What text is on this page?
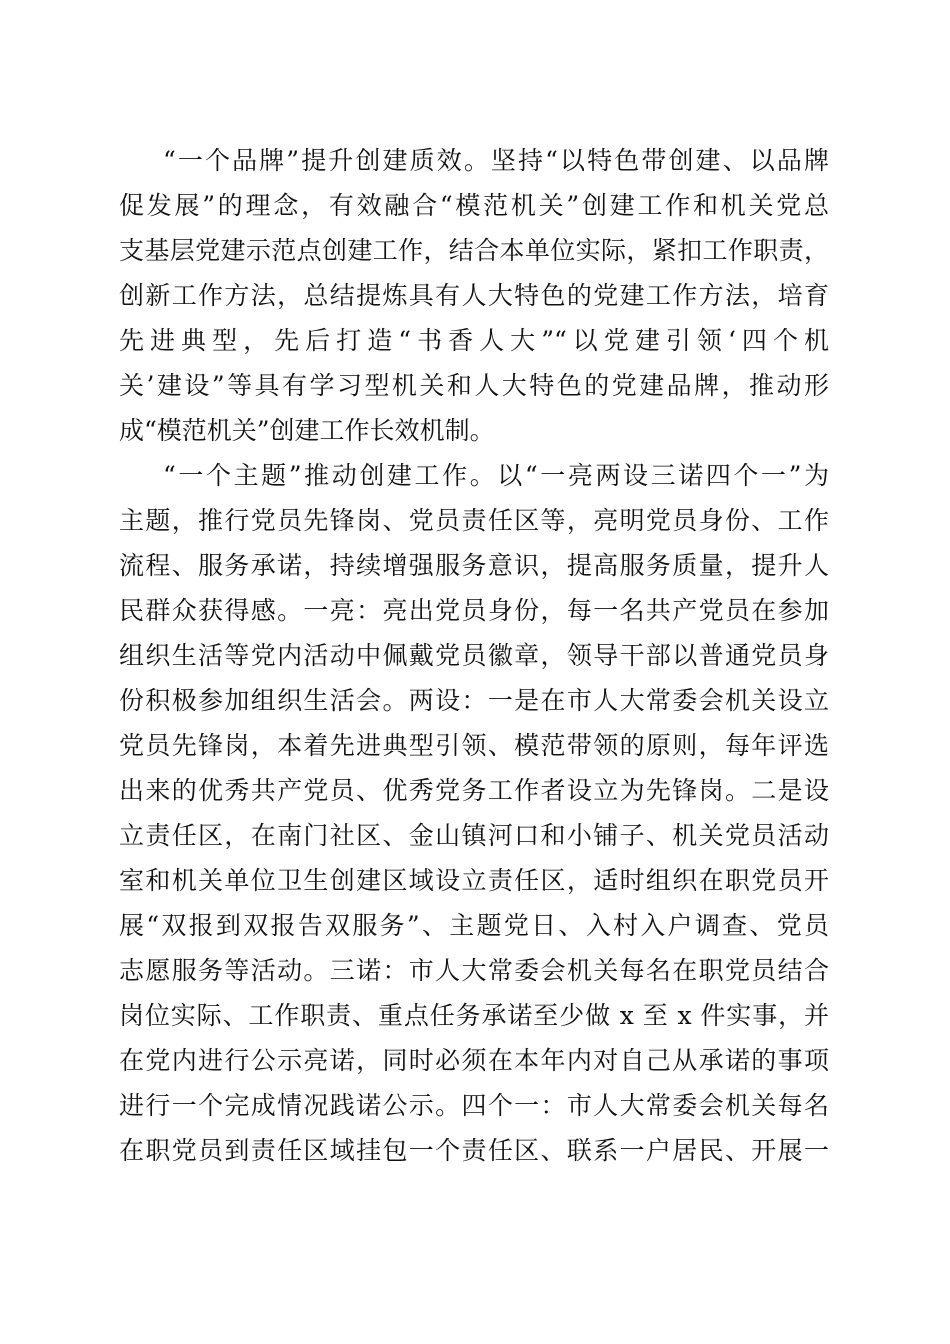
“一个品牌”提升创建质效。坚持“以特色带创建、以品牌
促发展”的理念，有效融合“模范机关”创建工作和机关党总
支基层党建示范点创建工作，结合本单位实际，紧扣工作职责，
创新工作方法，总结提炼具有人大特色的党建工作方法，培育
先进典型，先后打造“书香人大”“以党建引领‘四个机
关’建设”等具有学习型机关和人大特色的党建品牌，推动形
成“模范机关”创建工作长效机制。
“一个主题”推动创建工作。以“一亮两设三诺四个一”为
主题，推行党员先锋岗、党员责任区等，亮明党员身份、工作
流程、服务承诺，持续增强服务意识，提高服务质量，提升人
民群众获得感。一亮：亮出党员身份，每一名共产党员在参加
组织生活等党内活动中佩戴党员徽章，领导干部以普通党员身
份积极参加组织生活会。两设：一是在市人大常委会机关设立
党员先锋岗，本着先进典型引领、模范带领的原则，每年评选
出来的优秀共产党员、优秀党务工作者设立为先锋岗。二是设
立责任区，在南门社区、金山镇河口和小铺子、机关党员活动
室和机关单位卫生创建区域设立责任区，适时组织在职党员开
展“双报到双报告双服务”、主题党日、入村入户调查、党员
志愿服务等活动。三诺：市人大常委会机关每名在职党员结合
岗位实际、工作职责、重点任务承诺至少做 x 至 x 件实事，并
在党内进行公示亮诺，同时必须在本年内对自己从承诺的事项
进行一个完成情况践诺公示。四个一：市人大常委会机关每名
在职党员到责任区域挂包一个责任区、联系一户居民、开展一
